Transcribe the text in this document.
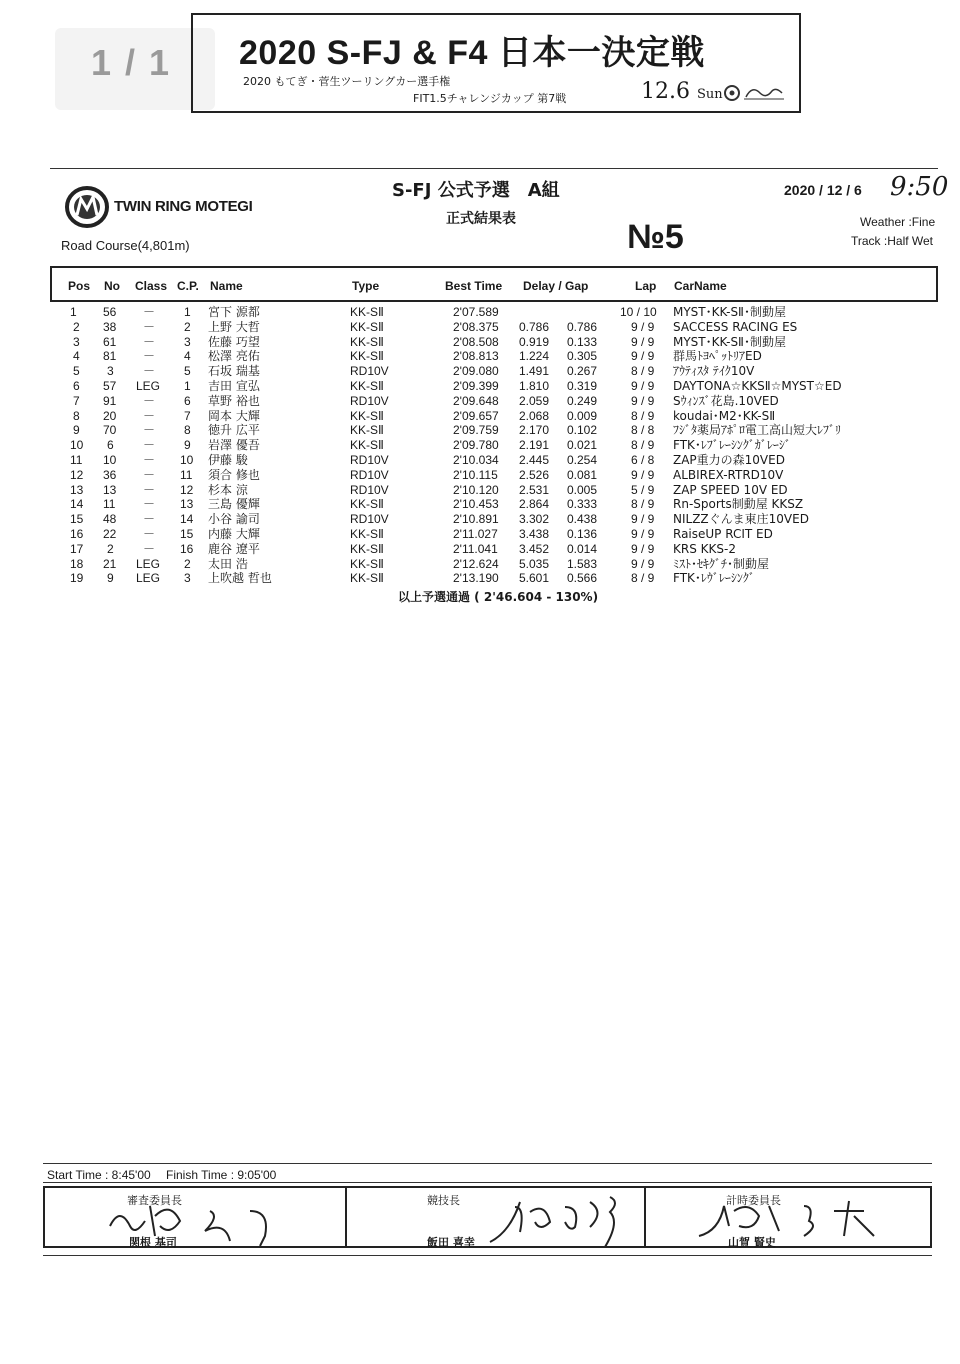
1 / 1 2020 S-FJ & F4 日本一決定戦
2020 もてぎ・菅生ツーリングカー選手権
FIT1.5チャレンジカップ 第7戦	12.6 Sun
TWIN RING MOTEGI
Road Course(4,801m)
S-FJ 公式予選　A組
正式結果表	№5
2020 / 12 / 6 9:50
Weather :Fine
Track :Half Wet
Pos No Class C.P. Name	Type	Best Time Delay / Gap	Lap CarName
1 56 － 1 宮下 源都	KK-SⅡ	2'07.589	10 / 10 MYST･KK-SⅡ･制動屋
2 38 － 2 上野 大哲	KK-SⅡ	2'08.375 0.786 0.786	9 / 9 SACCESS RACING ES
3 61 － 3 佐藤 巧望	KK-SⅡ	2'08.508 0.919 0.133	9 / 9 MYST･KK-SⅡ･制動屋
4 81 － 4 松澤 亮佑	KK-SⅡ	2'08.813 1.224 0.305	9 / 9 群馬ﾄﾖﾍﾟｯﾄﾘｱED
5 3 － 5 石坂 瑞基	RD10V	2'09.080 1.491 0.267	8 / 9 ｱｳﾃｨｽﾀ ﾃｲｸ10V
6 57 LEG 1 吉田 宣弘	KK-SⅡ	2'09.399 1.810 0.319	9 / 9 DAYTONA☆KKSⅡ☆MYST☆ED
7 91 － 6 草野 裕也	RD10V	2'09.648 2.059 0.249	9 / 9 Sｳｨﾝｽﾞ花島.10VED
8 20 － 7 岡本 大輝	KK-SⅡ	2'09.657 2.068 0.009	8 / 9 koudai･M2･KK-SⅡ
9 70 － 8 徳升 広平	KK-SⅡ	2'09.759 2.170 0.102	8 / 8 ﾌｼﾞﾀ薬局ｱﾎﾟﾛ電工高山短大ﾚﾌﾞﾘ
10 6 － 9 岩澤 優吾	KK-SⅡ	2'09.780 2.191 0.021	8 / 9 FTK･ﾚﾌﾞﾚｰｼﾝｸﾞｶﾞﾚｰｼﾞ
11 10 － 10 伊藤 駿	RD10V	2'10.034 2.445 0.254	6 / 8 ZAP重力の森10VED
12 36 － 11 須合 修也	RD10V	2'10.115 2.526 0.081	9 / 9 ALBIREX-RTRD10V
13 13 － 12 杉本 涼	RD10V	2'10.120 2.531 0.005	5 / 9 ZAP SPEED 10V ED
14 11 － 13 三島 優輝	KK-SⅡ	2'10.453 2.864 0.333	8 / 9 Rn-Sports制動屋 KKSZ
15 48 － 14 小谷 諭司	RD10V	2'10.891 3.302 0.438	9 / 9 NILZZぐんま東庄10VED
16 22 － 15 内藤 大輝	KK-SⅡ	2'11.027 3.438 0.136	9 / 9 RaiseUP RCIT ED
17 2 － 16 鹿谷 遼平	KK-SⅡ	2'11.041 3.452 0.014	9 / 9 KRS KKS-2
18 21 LEG 2 太田 浩	KK-SⅡ	2'12.624 5.035 1.583	9 / 9 ﾐｽﾄ･ｾｷｸﾞﾁ･制動屋
19 9 LEG 3 上吹越 哲也	KK-SⅡ	2'13.190 5.601 0.566	8 / 9 FTK･ﾚｳﾞﾚｰｼﾝｸﾞ
以上予選通過 ( 2'46.604 - 130%)
Start Time : 8:45'00　 Finish Time : 9:05'00
審査委員長
関根 基司
競技長
飯田 喜幸
計時委員長
山賀 賢史
